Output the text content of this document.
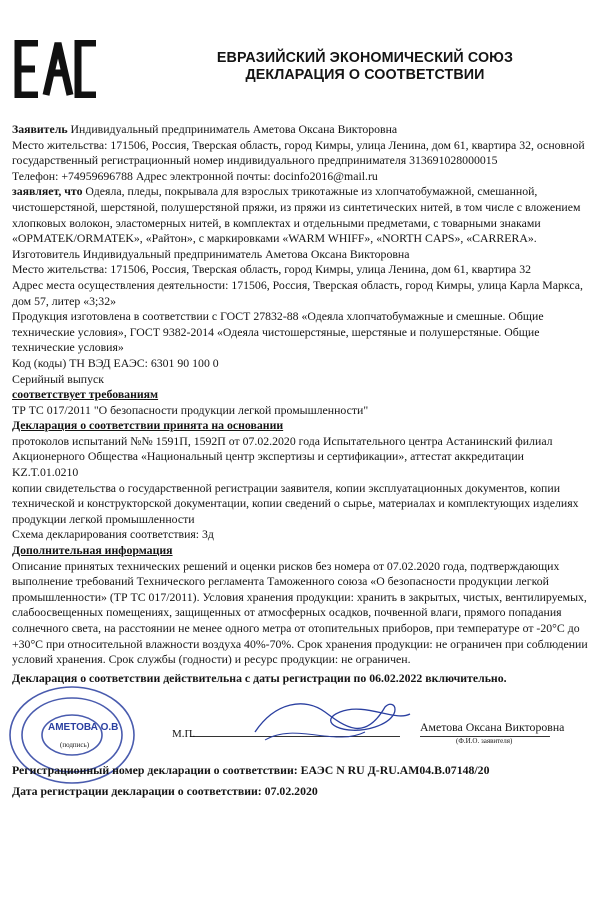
ЕВРАЗИЙСКИЙ ЭКОНОМИЧЕСКИЙ СОЮЗ
ДЕКЛАРАЦИЯ О СООТВЕТСТВИИ

Заявитель Индивидуальный предприниматель Аметова Оксана Викторовна

Место жительства: 171506, Россия, Тверская область, город Кимры, улица Ленина, дом 61, квартира 32, основной государственный регистрационный номер индивидуального предпринимателя 313691028000015

Телефон: +74959696788 Адрес электронной почты: docinfo2016@mail.ru

заявляет, что Одеяла, пледы, покрывала для взрослых трикотажные из хлопчатобумажной, смешанной, чистошерстяной, шерстяной, полушерстяной пряжи, из пряжи из синтетических нитей, в том числе с вложением хлопковых волокон, эластомерных нитей, в комплектах и отдельными предметами, с товарными знаками «OPMATEK/ORMATEK», «Райтон», с маркировками «WARM WHIFF», «NORTH CAPS», «CARRERA».

Изготовитель Индивидуальный предприниматель Аметова Оксана Викторовна

Место жительства: 171506, Россия, Тверская область, город Кимры, улица Ленина, дом 61, квартира 32

Адрес места осуществления деятельности: 171506, Россия, Тверская область, город Кимры, улица Карла Маркса, дом 57, литер «3;32»

Продукция изготовлена в соответствии с ГОСТ 27832-88 «Одеяла хлопчатобумажные и смешные. Общие технические условия», ГОСТ 9382-2014 «Одеяла чистошерстяные, шерстяные и полушерстяные. Общие технические условия»

Код (коды) ТН ВЭД ЕАЭС: 6301 90 100 0

Серийный выпуск

соответствует требованиям

ТР ТС 017/2011 "О безопасности продукции легкой промышленности"

Декларация о соответствии принята на основании

протоколов испытаний №№ 1591П, 1592П от 07.02.2020 года Испытательного центра Астанинский филиал Акционерного Общества «Национальный центр экспертизы и сертификации», аттестат аккредитации KZ.T.01.0210

копии свидетельства о государственной регистрации заявителя, копии эксплуатационных документов, копии технической и конструкторской документации, копии сведений о сырье, материалах и комплектующих изделиях продукции легкой промышленности

Схема декларирования соответствия: 3д

Дополнительная информация

Описание принятых технических решений и оценки рисков без номера от 07.02.2020 года, подтверждающих выполнение требований Технического регламента Таможенного союза «О безопасности продукции легкой промышленности» (ТР ТС 017/2011). Условия хранения продукции: хранить в закрытых, чистых, вентилируемых, слабоосвещенных помещениях, защищенных от атмосферных осадков, почвенной влаги, прямого попадания солнечного света, на расстоянии не менее одного метра от отопительных приборов, при температуре от -20°С до +30°С при относительной влажности воздуха 40%-70%. Срок хранения продукции: не ограничен при соблюдении условий хранения. Срок службы (годности) и ресурс продукции: не ограничен.

Декларация о соответствии действительна с даты регистрации по 06.02.2022 включительно.

АМЕТОВА О.В
М.П.
(подпись)
Аметова Оксана Викторовна
(Ф.И.О. заявителя)
Регистрационный номер декларации о соответствии: ЕАЭС N RU Д-RU.АМ04.В.07148/20
Дата регистрации декларации о соответствии: 07.02.2020
